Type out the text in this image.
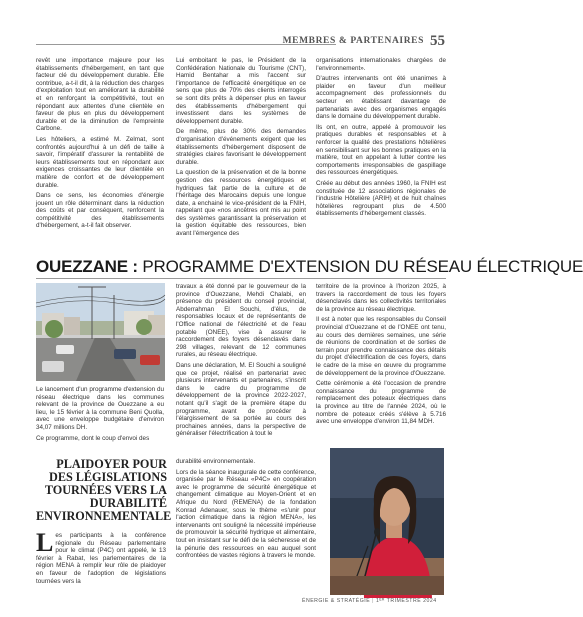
MEMBRES & PARTENAIRES 55

revêt une importance majeure pour les établissements d'hébergement, en tant que facteur clé du développement durable. Elle contribue, a-t-il dit, à la réduction des charges d'exploitation tout en améliorant la durabilité et en renforçant la compétitivité, tout en répondant aux attentes d'une clientèle en faveur de plus en plus du développement durable et de la diminution de l'empreinte Carbone.

Les hôteliers, a estimé M. Zelmat, sont confrontés aujourd'hui à un défi de taille à savoir, l'impératif d'assurer la rentabilité de leurs établissements tout en répondant aux exigences croissantes de leur clientèle en matière de confort et de développement durable.

Dans ce sens, les économies d'énergie jouent un rôle déterminant dans la réduction des coûts et par conséquent, renforcent la compétitivité des établissements d'hébergement, a-t-il fait observer.

Lui emboitant le pas, le Président de la Confédération Nationale du Tourisme (CNT), Hamid Bentahar a mis l'accent sur l'importance de l'efficacité énergétique en ce sens que plus de 70% des clients interrogés se sont dits prêts à dépenser plus en faveur des établissements d'hébergement qui investissent dans les systèmes de développement durable.

De même, plus de 30% des demandes d'organisation d'événements exigent que les établissements d'hébergement disposent de stratégies claires favorisant le développement durable.

La question de la préservation et de la bonne gestion des ressources énergétiques et hydriques fait partie de la culture et de l'héritage des Marocains depuis une longue date, a enchainé le vice-président de la FNIH, rappelant que «nos ancêtres ont mis au point des systèmes garantissant la préservation et la gestion équitable des ressources, bien avant l'émergence des

organisations internationales chargées de l'environnement».

D'autres intervenants ont été unanimes à plaider en faveur d'un meilleur accompagnement des professionnels du secteur en établissant davantage de partenariats avec des organismes engagés dans le domaine du développement durable.

Ils ont, en outre, appelé à promouvoir les pratiques durables et responsables et à renforcer la qualité des prestations hôtelières en sensibilisant sur les bonnes pratiques en la matière, tout en appelant à lutter contre les comportements irresponsables de gaspillage des ressources énergétiques.

Créée au début des années 1960, la FNIH est constituée de 12 associations régionales de l'industrie Hôtelière (ARIH) et de huit chaînes hôtelières regroupant plus de 4.500 établissements d'hébergement classés.

OUEZZANE : PROGRAMME D'EXTENSION DU RÉSEAU ÉLECTRIQUE

Le lancement d'un programme d'extension du réseau électrique dans les communes relevant de la province de Ouezzane a eu lieu, le 15 février à la commune Beni Quolla, avec une enveloppe budgétaire d'environ 34,07 millions DH.

Ce programme, dont le coup d'envoi des

travaux a été donné par le gouverneur de la province d'Ouezzane, Mehdi Chalabi, en présence du président du conseil provincial, Abderrahman El Souchi, d'élus, de responsables locaux et de représentants de l'Office national de l'électricité et de l'eau potable (ONEE), vise à assurer le raccordement des foyers désenclavés dans 298 villages, relevant de 12 communes rurales, au réseau électrique.

Dans une déclaration, M. El Souchi a souligné que ce projet, réalisé en partenariat avec plusieurs intervenants et partenaires, s'inscrit dans le cadre du programme de développement de la province 2022-2027, notant qu'il s'agit de la première étape du programme, avant de procéder à l'élargissement de sa portée au cours des prochaines années, dans la perspective de généraliser l'électrification à tout le

territoire de la province à l'horizon 2025, à travers la raccordement de tous les foyers désenclavés dans les collectivités territoriales de la province au réseau électrique.

Il est à noter que les responsables du Conseil provincial d'Ouezzane et de l'ONEE ont tenu, au cours des dernières semaines, une série de réunions de coordination et de sorties de terrain pour prendre connaissance des détails du projet d'électrification de ces foyers, dans le cadre de la mise en œuvre du programme de développement de la province d'Ouezzane.

Cette cérémonie a été l'occasion de prendre connaissance du programme de remplacement des poteaux électriques dans la province au titre de l'année 2024, où le nombre de poteaux créés s'élève à 5.716 avec une enveloppe d'environ 11,84 MDH.

PLAIDOYER POUR DES LÉGISLATIONS TOURNÉES VERS LA DURABILITÉ ENVIRONNEMENTALE
Les participants à la conférence régionale du Réseau parlementaire pour le climat (P4C) ont appelé, le 13 février à Rabat, les parlementaires de la région MENA à remplir leur rôle de plaidoyer en faveur de l'adoption de législations tournées vers la

durabilité environnementale.

Lors de la séance inaugurale de cette conférence, organisée par le Réseau «P4C» en coopération avec le programme de sécurité énergétique et changement climatique au Moyen-Orient et en Afrique du Nord (REMENA) de la fondation Konrad Adenauer, sous le thème «s'unir pour l'action climatique dans la région MENA», les intervenants ont souligné la nécessité impérieuse de promouvoir la sécurité hydrique et alimentaire, tout en insistant sur le défi de la sécheresse et de la pénurie des ressources en eau auquel sont confrontées de vastes régions à travers le monde.

ÉNERGIE & STRATÉGIE | 1ᴱᴿ TRIMESTRE 2024
